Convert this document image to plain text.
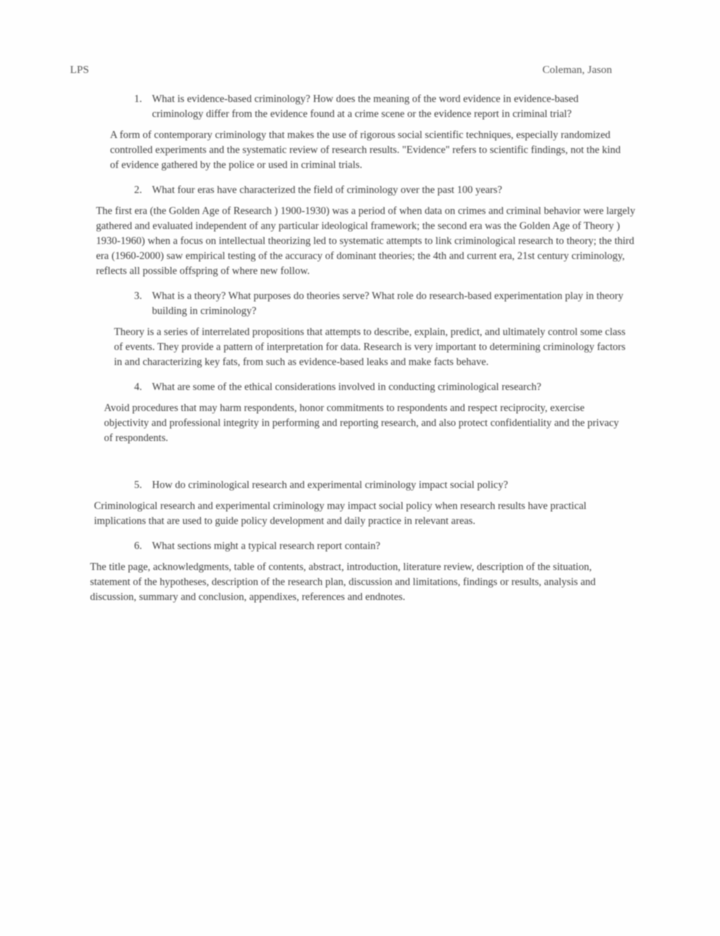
LPS	Coleman, Jason
1. What is evidence-based criminology? How does the meaning of the word evidence in evidence-based criminology differ from the evidence found at a crime scene or the evidence report in criminal trial?
A form of contemporary criminology that makes the use of rigorous social scientific techniques, especially randomized controlled experiments and the systematic review of research results. "Evidence" refers to scientific findings, not the kind of evidence gathered by the police or used in criminal trials.
2. What four eras have characterized the field of criminology over the past 100 years?
The first era (the Golden Age of Research ) 1900-1930) was a period of when data on crimes and criminal behavior were largely gathered and evaluated independent of any particular ideological framework; the second era was the Golden Age of Theory ) 1930-1960) when a focus on intellectual theorizing led to systematic attempts to link criminological research to theory; the third era (1960-2000) saw empirical testing of the accuracy of dominant theories; the 4th and current era, 21st century criminology, reflects all possible offspring of where new follow.
3. What is a theory? What purposes do theories serve? What role do research-based experimentation play in theory building in criminology?
Theory is a series of interrelated propositions that attempts to describe, explain, predict, and ultimately control some class of events. They provide a pattern of interpretation for data. Research is very important to determining criminology factors in and characterizing key fats, from such as evidence-based leaks and make facts behave.
4. What are some of the ethical considerations involved in conducting criminological research?
Avoid procedures that may harm respondents, honor commitments to respondents and respect reciprocity, exercise objectivity and professional integrity in performing and reporting research, and also protect confidentiality and the privacy of respondents.
5. How do criminological research and experimental criminology impact social policy?
Criminological research and experimental criminology may impact social policy when research results have practical implications that are used to guide policy development and daily practice in relevant areas.
6. What sections might a typical research report contain?
The title page, acknowledgments, table of contents, abstract, introduction, literature review, description of the situation, statement of the hypotheses, description of the research plan, discussion and limitations, findings or results, analysis and discussion, summary and conclusion, appendixes, references and endnotes.
